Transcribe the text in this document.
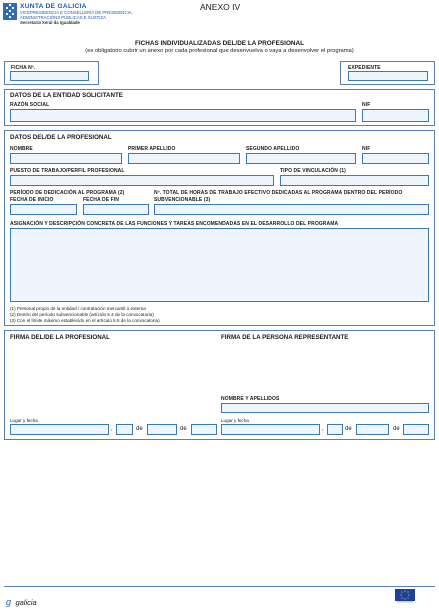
XUNTA DE GALICIA
VICEPRESIDENCIA E CONSELLERÍA DE PRESIDENCIA,
ADMINISTRACIÓNS PÚBLICAS E XUSTIZA
Secretaría Xeral da Igualdade
ANEXO IV
FICHAS INDIVIDUALIZADAS DEL/DE LA PROFESIONAL
(es obligatorio cubrir un anexo por cada profesional que desenvuelva o vaya a desenvolver el programa)
FICHA Nº.	EXPEDIENTE
DATOS DE LA ENTIDAD SOLICITANTE
RAZÓN SOCIAL	NIF
DATOS DEL/DE LA PROFESIONAL
NOMBRE	PRIMER APELLIDO	SEGUNDO APELLIDO	NIF
PUESTO DE TRABAJO/PERFIL PROFESIONAL	TIPO DE VINCULACIÓN (1)
PERÍODO DE DEDICACIÓN AL PROGRAMA (2)
FECHA DE INICIO	FECHA DE FIN
Nº. TOTAL DE HORAS DE TRABAJO EFECTIVO DEDICADAS AL PROGRAMA DENTRO DEL PERÍODO
SUBVENCIONABLE (3)
ASIGNACIÓN Y DESCRIPCIÓN CONCRETA DE LAS FUNCIONES Y TAREAS ENCOMENDADAS EN EL DESARROLLO DEL PROGRAMA
(1) Personal propio de la entidad / contratación mercantil o externa
(2) Dentro del período subvencionable (artículo 5.4 de la convocatoria)
(3) Con el límite máximo establecido en el artículo 5.5 de la convocatoria)
FIRMA DEL/DE LA PROFESIONAL	FIRMA DE LA PERSONA REPRESENTANTE
NOMBRE Y APELLIDOS
Lugar y fecha
,	de	de
Lugar y fecha
,	de	de
ɡ galicia
